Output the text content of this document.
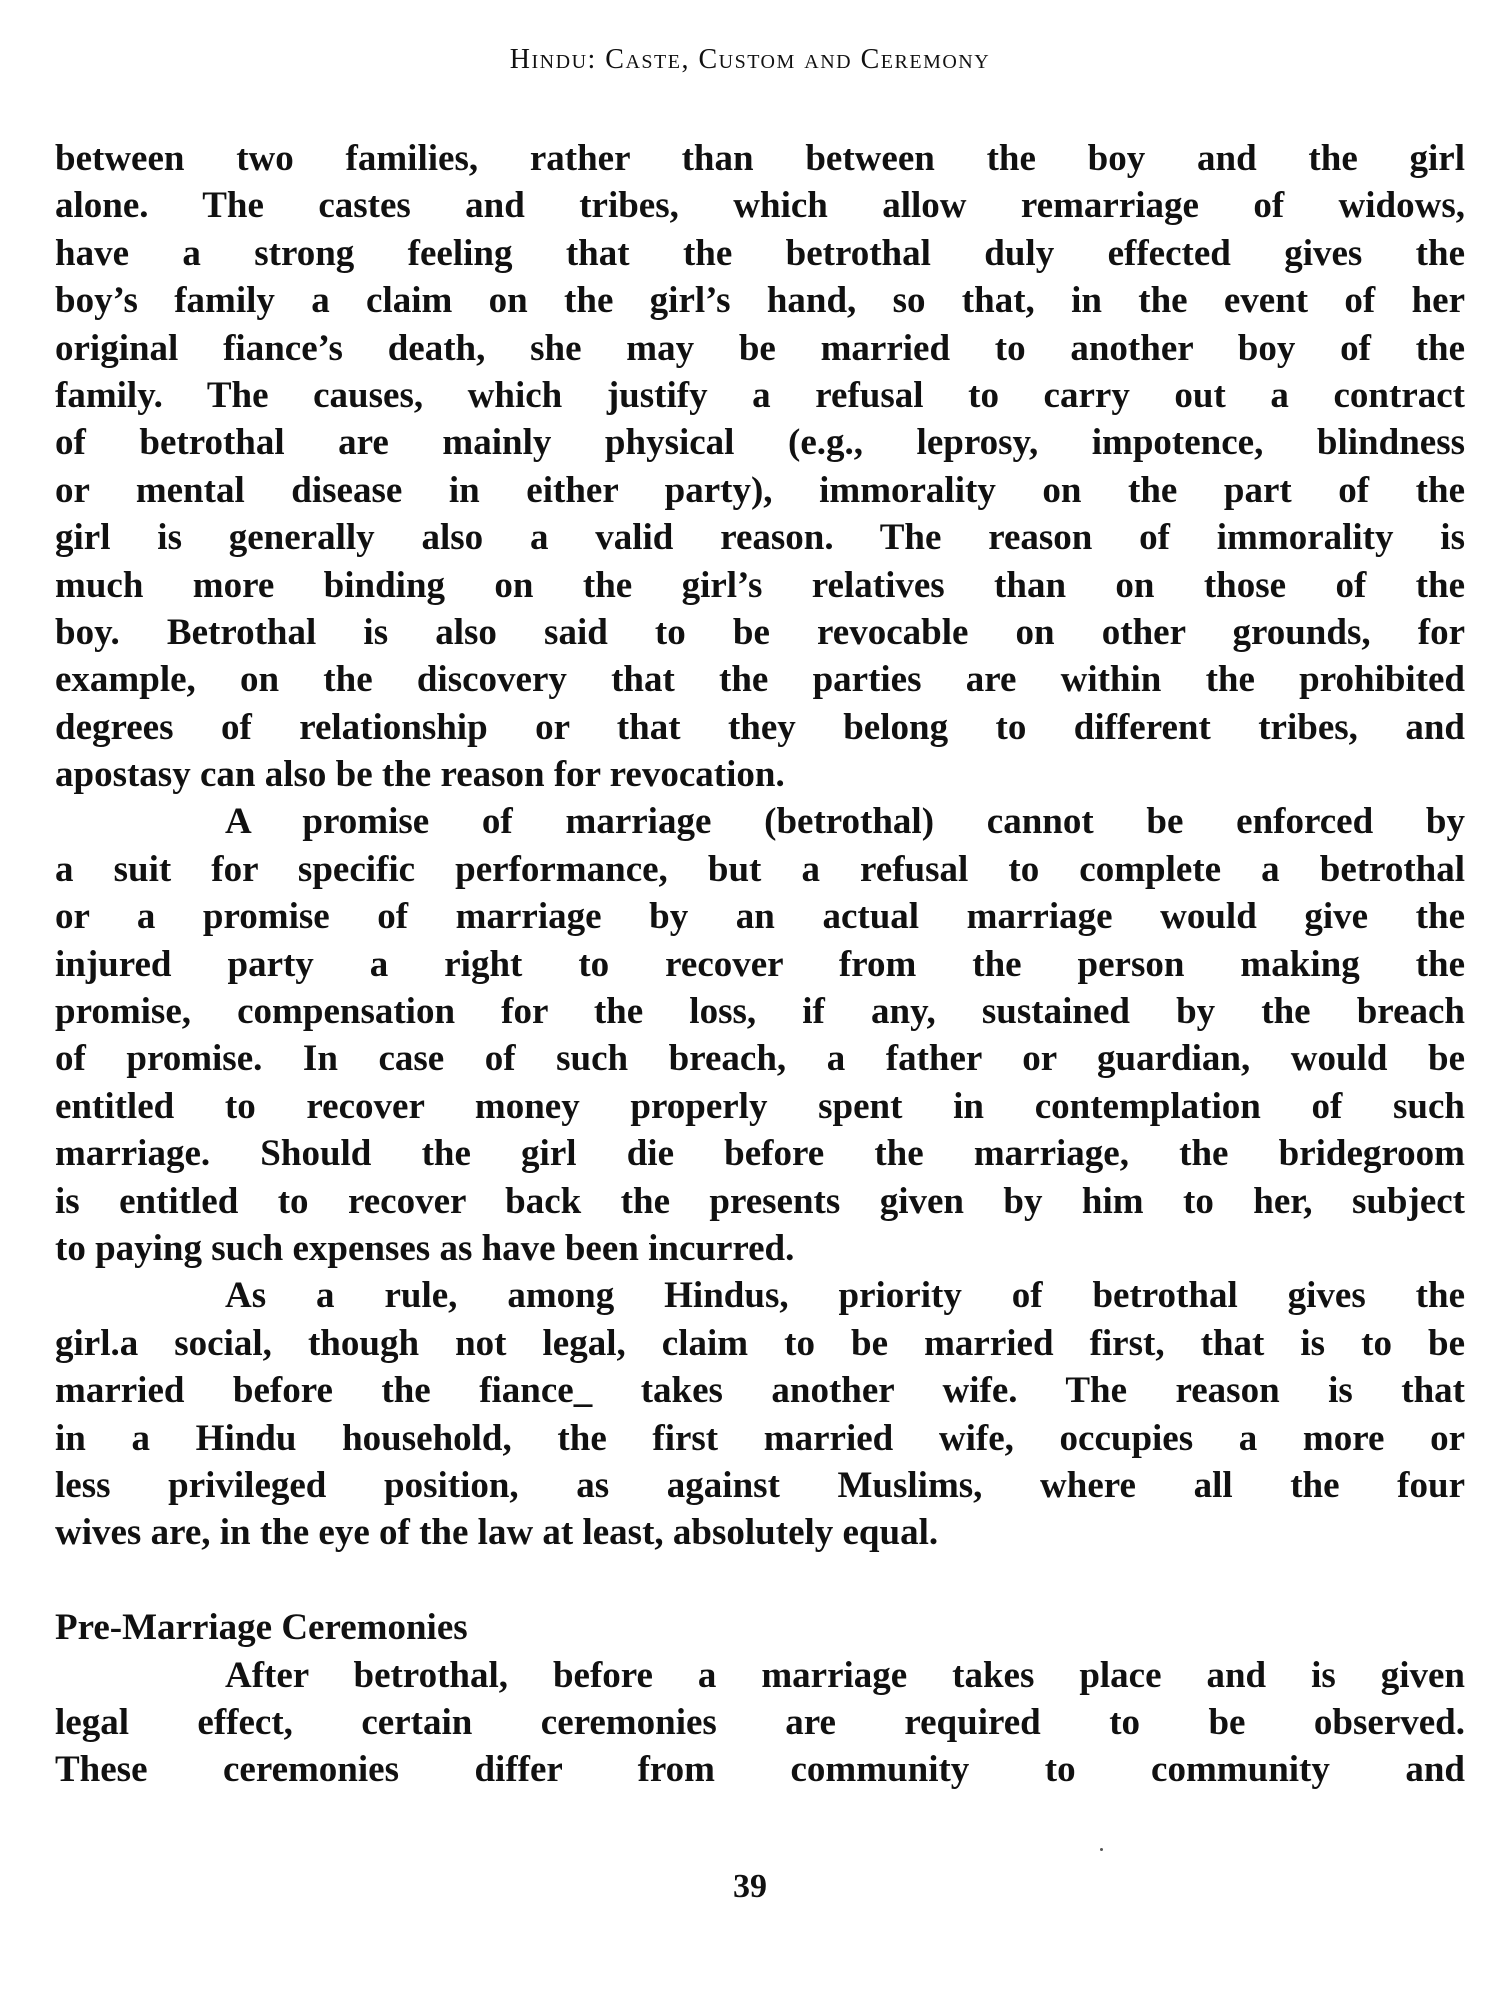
Hindu: Caste, Custom and Ceremony
between two families, rather than between the boy and the girl
alone. The castes and tribes, which allow remarriage of widows,
have a strong feeling that the betrothal duly effected gives the
boy’s family a claim on the girl’s hand, so that, in the event of her
original fiance’s death, she may be married to another boy of the
family. The causes, which justify a refusal to carry out a contract
of betrothal are mainly physical (e.g., leprosy, impotence, blindness
or mental disease in either party), immorality on the part of the
girl is generally also a valid reason. The reason of immorality is
much more binding on the girl’s relatives than on those of the
boy. Betrothal is also said to be revocable on other grounds, for
example, on the discovery that the parties are within the prohibited
degrees of relationship or that they belong to different tribes, and
apostasy can also be the reason for revocation.
A promise of marriage (betrothal) cannot be enforced by
a suit for specific performance, but a refusal to complete a betrothal
or a promise of marriage by an actual marriage would give the
injured party a right to recover from the person making the
promise, compensation for the loss, if any, sustained by the breach
of promise. In case of such breach, a father or guardian, would be
entitled to recover money properly spent in contemplation of such
marriage. Should the girl die before the marriage, the bridegroom
is entitled to recover back the presents given by him to her, subject
to paying such expenses as have been incurred.
As a rule, among Hindus, priority of betrothal gives the
girl.a social, though not legal, claim to be married first, that is to be
married before the fiance_ takes another wife. The reason is that
in a Hindu household, the first married wife, occupies a more or
less privileged position, as against Muslims, where all the four
wives are, in the eye of the law at least, absolutely equal.
Pre-Marriage Ceremonies
After betrothal, before a marriage takes place and is given
legal effect, certain ceremonies are required to be observed.
These ceremonies differ from community to community and
39
